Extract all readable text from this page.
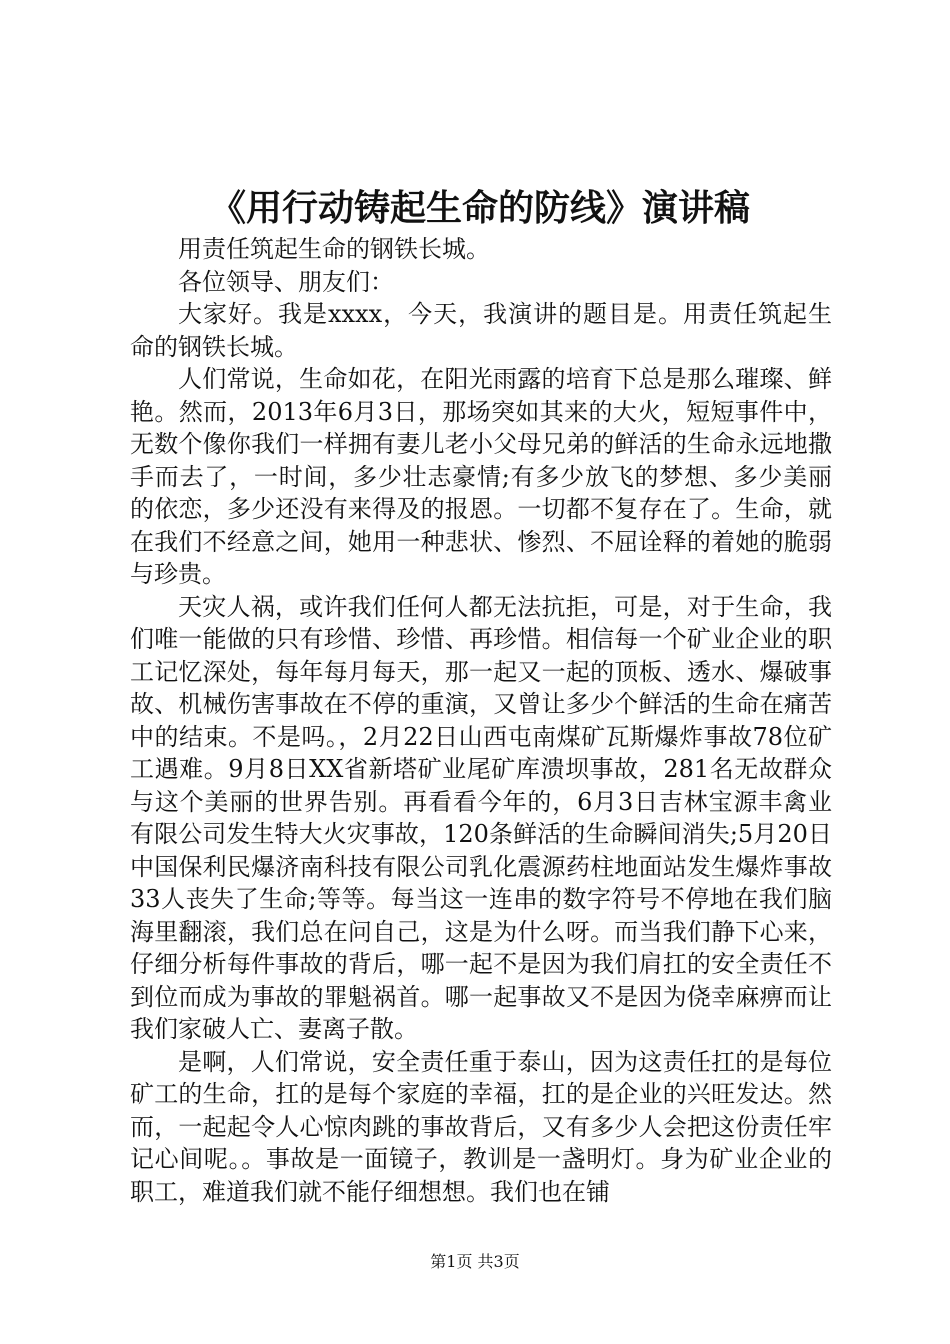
《用行动铸起生命的防线》演讲稿

用责任筑起生命的钢铁长城。

各位领导、朋友们：

大家好。我是xxxx，今天，我演讲的题目是。用责任筑起生命的钢铁长城。

人们常说，生命如花，在阳光雨露的培育下总是那么璀璨、鲜艳。然而，2013年6月3日，那场突如其来的大火，短短事件中，无数个像你我们一样拥有妻儿老小父母兄弟的鲜活的生命永远地撒手而去了，一时间，多少壮志豪情;有多少放飞的梦想、多少美丽的依恋，多少还没有来得及的报恩。一切都不复存在了。生命，就在我们不经意之间，她用一种悲状、惨烈、不屈诠释的着她的脆弱与珍贵。

天灾人祸，或许我们任何人都无法抗拒，可是，对于生命，我们唯一能做的只有珍惜、珍惜、再珍惜。相信每一个矿业企业的职工记忆深处，每年每月每天，那一起又一起的顶板、透水、爆破事故、机械伤害事故在不停的重演，又曾让多少个鲜活的生命在痛苦中的结束。不是吗。，2月22日山西屯南煤矿瓦斯爆炸事故78位矿工遇难。9月8日XX省新塔矿业尾矿库溃坝事故，281名无故群众与这个美丽的世界告别。再看看今年的，6月3日吉林宝源丰禽业有限公司发生特大火灾事故，120条鲜活的生命瞬间消失;5月20日中国保利民爆济南科技有限公司乳化震源药柱地面站发生爆炸事故33人丧失了生命;等等。每当这一连串的数字符号不停地在我们脑海里翻滚，我们总在问自己，这是为什么呀。而当我们静下心来，仔细分析每件事故的背后，哪一起不是因为我们肩扛的安全责任不到位而成为事故的罪魁祸首。哪一起事故又不是因为侥幸麻痹而让我们家破人亡、妻离子散。

是啊，人们常说，安全责任重于泰山，因为这责任扛的是每位矿工的生命，扛的是每个家庭的幸福，扛的是企业的兴旺发达。然而，一起起令人心惊肉跳的事故背后，又有多少人会把这份责任牢记心间呢。。事故是一面镜子，教训是一盏明灯。身为矿业企业的职工，难道我们就不能仔细想想。我们也在铺

第1页 共3页
